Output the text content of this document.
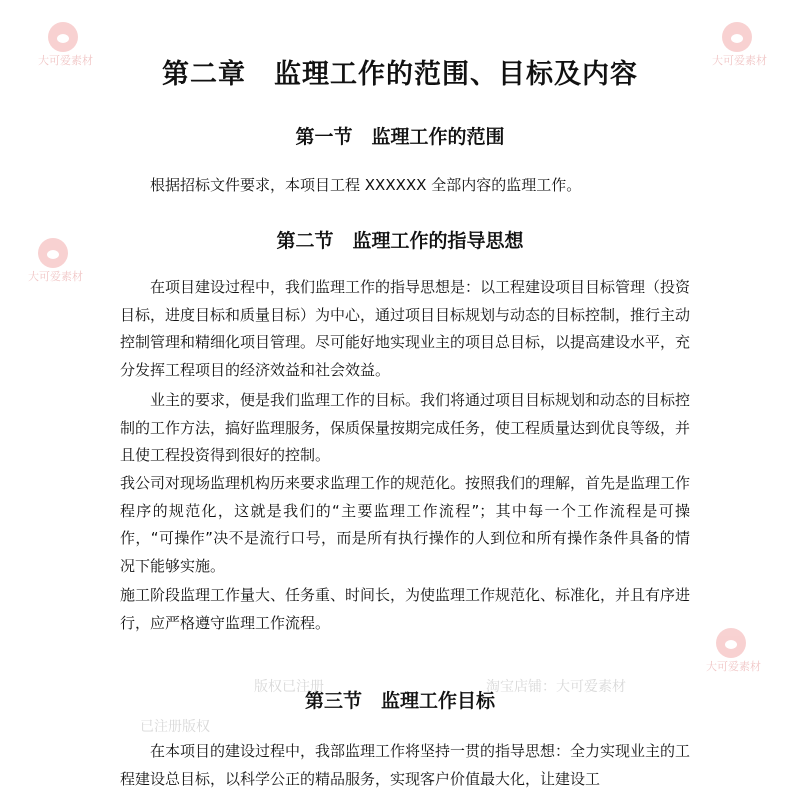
第二章　监理工作的范围、目标及内容
第一节　监理工作的范围
根据招标文件要求，本项目工程 XXXXXX 全部内容的监理工作。
第二节　监理工作的指导思想
在项目建设过程中，我们监理工作的指导思想是：以工程建设项目目标管理（投资目标，进度目标和质量目标）为中心，通过项目目标规划与动态的目标控制，推行主动控制管理和精细化项目管理。尽可能好地实现业主的项目总目标，以提高建设水平，充分发挥工程项目的经济效益和社会效益。
业主的要求，便是我们监理工作的目标。我们将通过项目目标规划和动态的目标控制的工作方法，搞好监理服务，保质保量按期完成任务，使工程质量达到优良等级，并且使工程投资得到很好的控制。
我公司对现场监理机构历来要求监理工作的规范化。按照我们的理解，首先是监理工作程序的规范化，这就是我们的“主要监理工作流程”；其中每一个工作流程是可操作，“可操作”决不是流行口号，而是所有执行操作的人到位和所有操作条件具备的情况下能够实施。
施工阶段监理工作量大、任务重、时间长，为使监理工作规范化、标准化，并且有序进行，应严格遵守监理工作流程。
第三节　监理工作目标
在本项目的建设过程中，我部监理工作将坚持一贯的指导思想：全力实现业主的工程建设总目标，以科学公正的精品服务，实现客户价值最大化，让建设工
大可爱素材
大可爱素材
大可爱素材
大可爱素材
版权已注册	淘宝店铺：大可爱素材
已注册版权
